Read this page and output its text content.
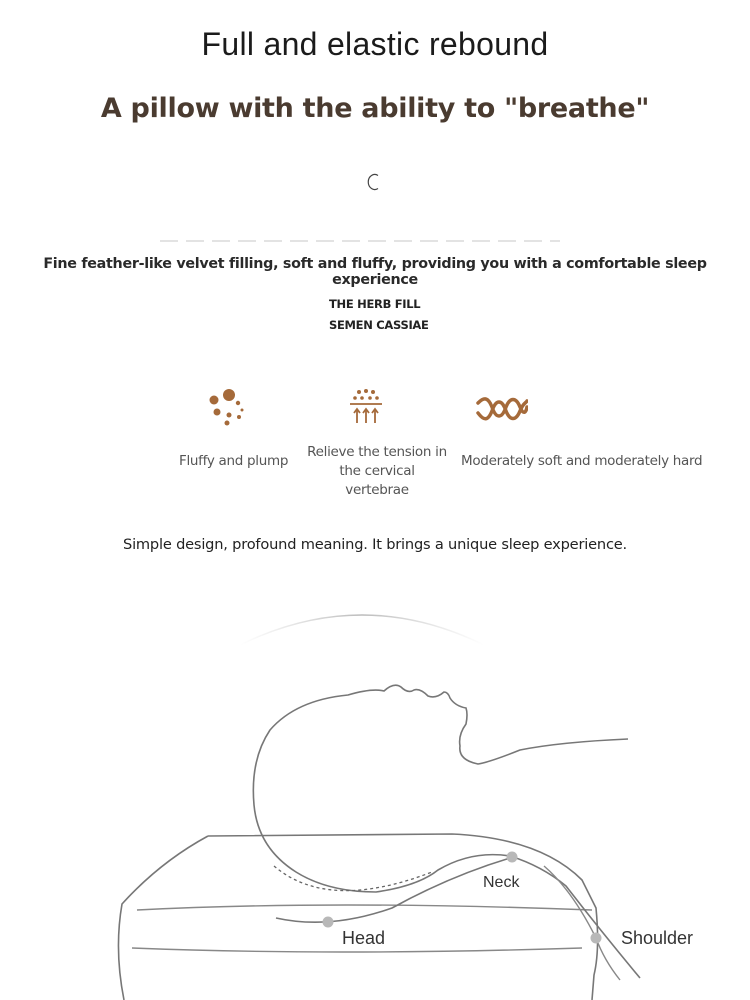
Full and elastic rebound
A pillow with the ability to "breathe"
Fine feather-like velvet filling, soft and fluffy, providing you with a comfortable sleep experience
THE HERB FILL
SEMEN CASSIAE
Fluffy and plump
Relieve the tension in
the cervical vertebrae
Moderately soft and moderately hard
Simple design, profound meaning. It brings a unique sleep experience.
Neck
Head	Shoulder
